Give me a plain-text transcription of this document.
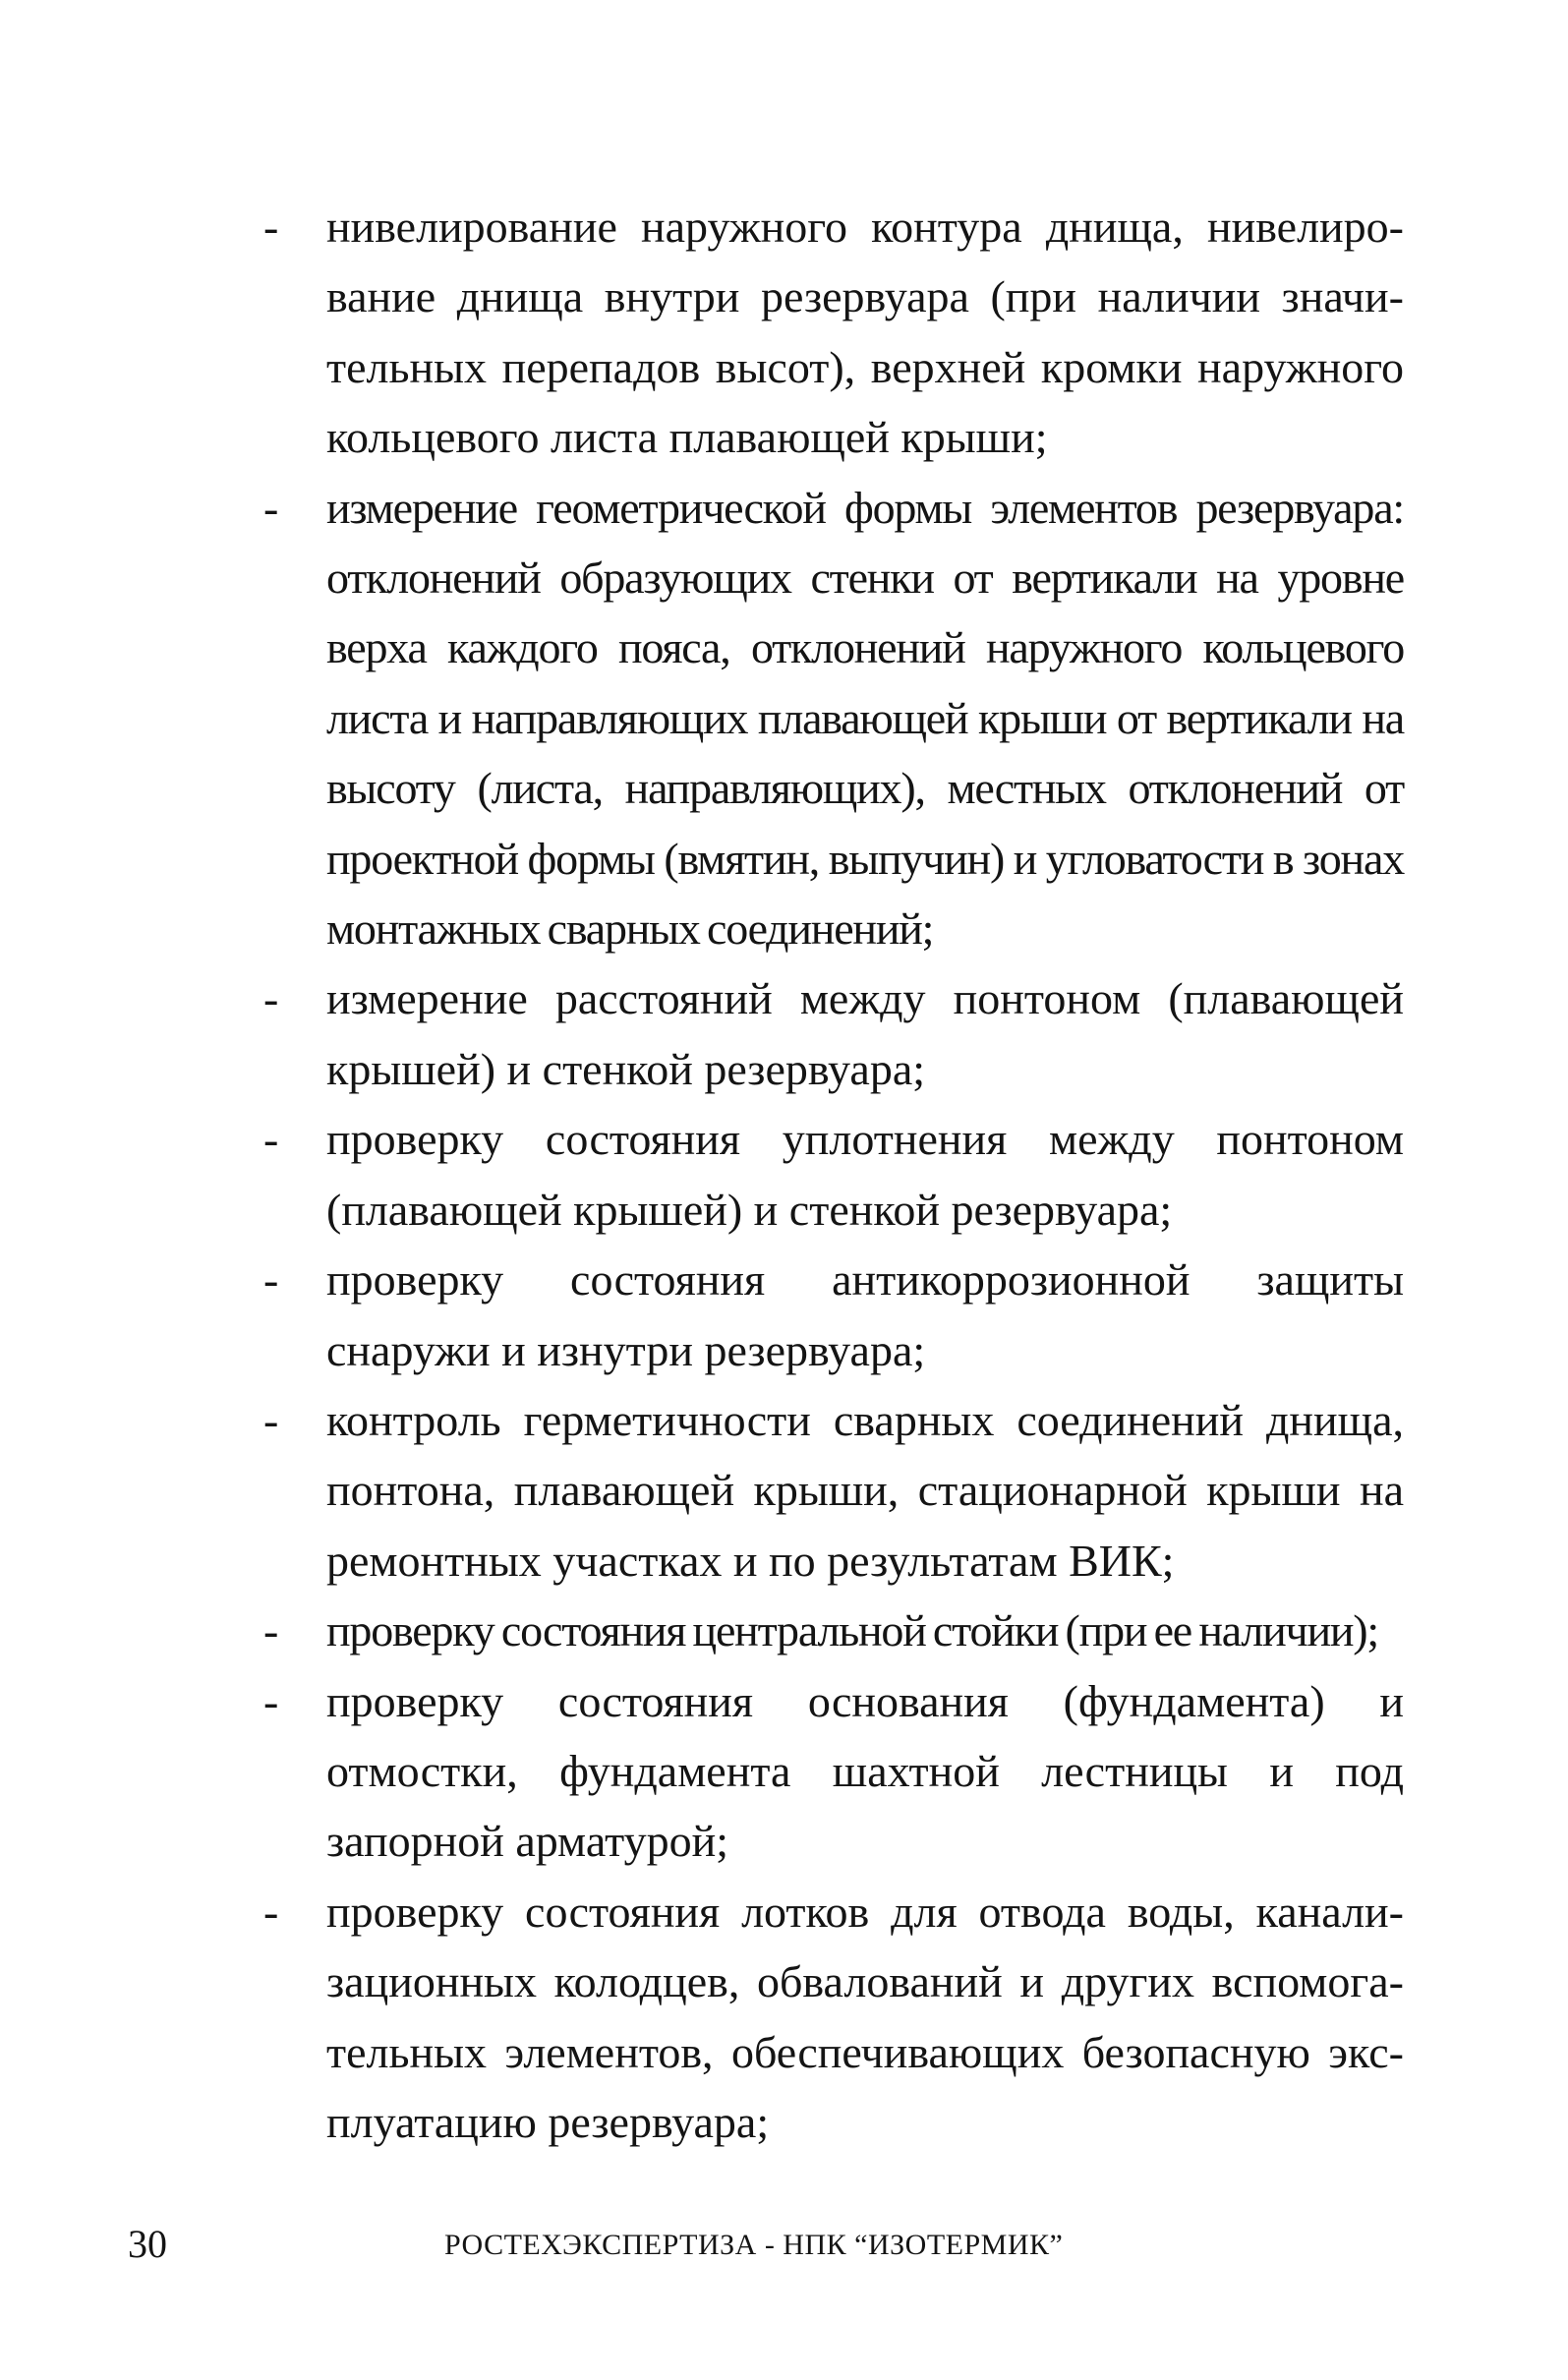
-	нивелирование наружного контура днища, нивелирование днища внутри резервуара (при наличии значительных перепадов высот), верхней кромки наружного кольцевого листа плавающей крыши;
-	измерение геометрической формы элементов резервуара: отклонений образующих стенки от вертикали на уровне верха каждого пояса, отклонений наружного кольцевого листа и направляющих плавающей крыши от вертикали на высоту (листа, направляющих), местных отклонений от проектной формы (вмятин, выпучин) и угловатости в зонах монтажных сварных соединений;
-	измерение расстояний между понтоном (плавающей крышей) и стенкой резервуара;
-	проверку состояния уплотнения между понтоном (плавающей крышей) и стенкой резервуара;
-	проверку состояния антикоррозионной защиты снаружи и изнутри резервуара;
-	контроль герметичности сварных соединений днища, понтона, плавающей крыши, стационарной крыши на ремонтных участках и по результатам ВИК;
-	проверку состояния центральной стойки (при ее наличии);
-	проверку состояния основания (фундамента) и отмостки, фундамента шахтной лестницы и под запорной арматурой;
-	проверку состояния лотков для отвода воды, канализационных колодцев, обвалований и других вспомогательных элементов, обеспечивающих безопасную эксплуатацию резервуара;
30	РОСТЕХЭКСПЕРТИЗА - НПК “ИЗОТЕРМИК”
